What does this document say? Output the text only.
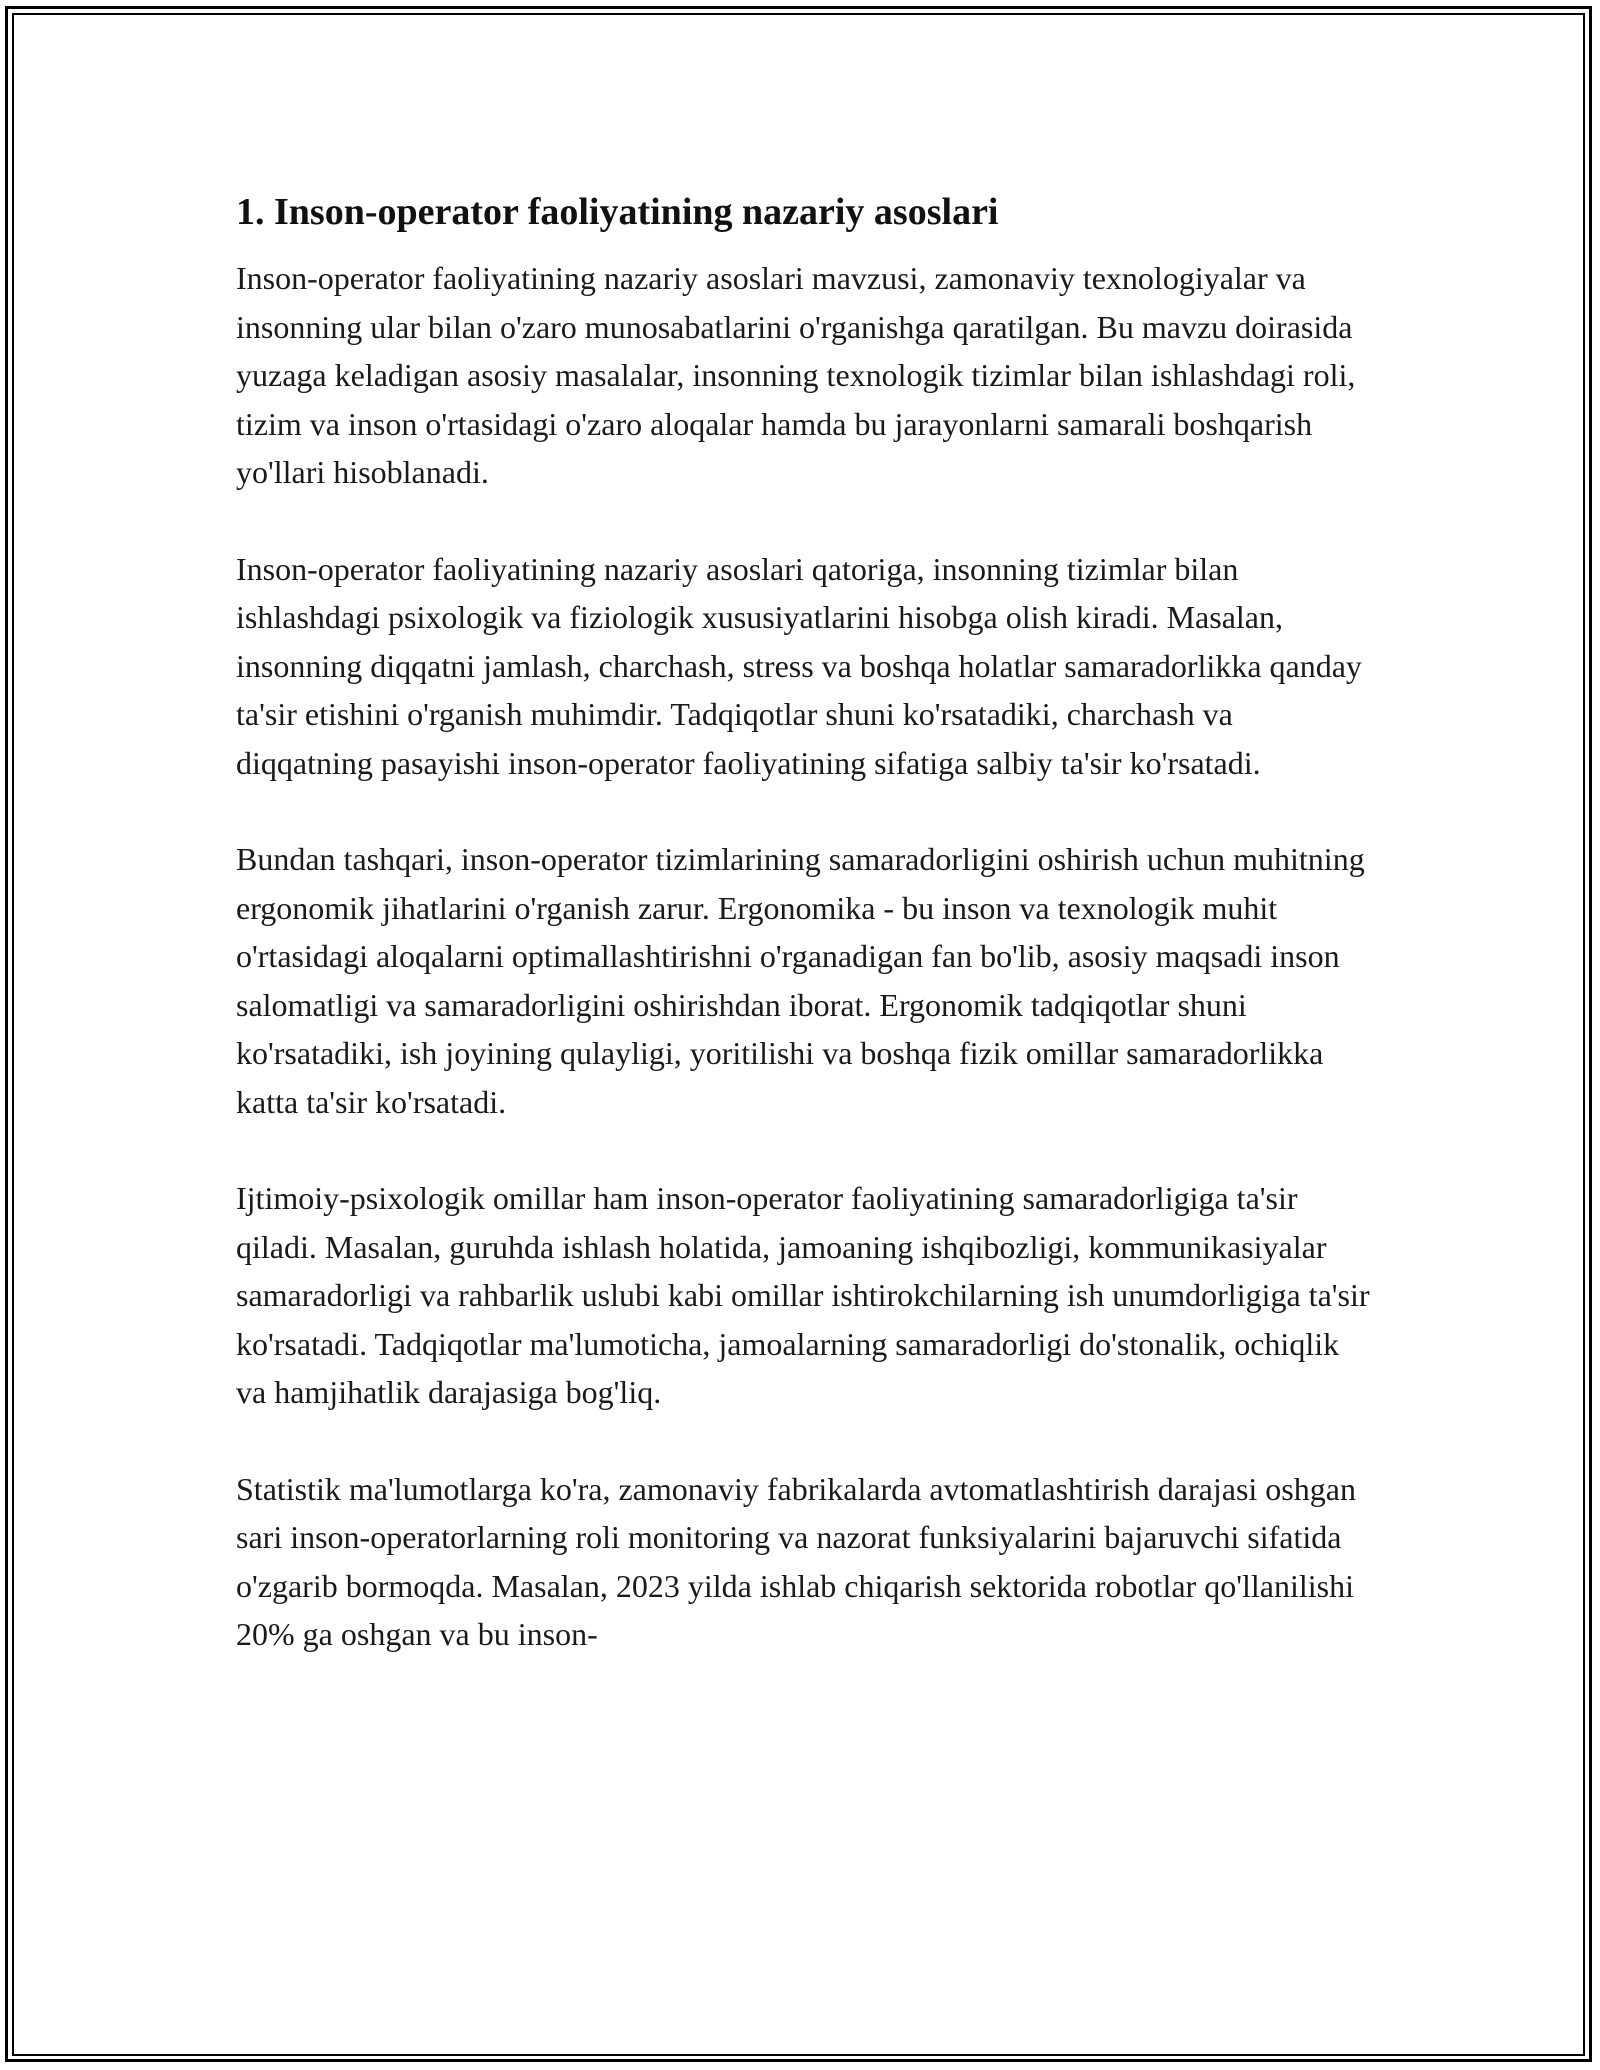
1. Inson-operator faoliyatining nazariy asoslari

Inson-operator faoliyatining nazariy asoslari mavzusi, zamonaviy texnologiyalar va insonning ular bilan o'zaro munosabatlarini o'rganishga qaratilgan. Bu mavzu doirasida yuzaga keladigan asosiy masalalar, insonning texnologik tizimlar bilan ishlashdagi roli, tizim va inson o'rtasidagi o'zaro aloqalar hamda bu jarayonlarni samarali boshqarish yo'llari hisoblanadi.

Inson-operator faoliyatining nazariy asoslari qatoriga, insonning tizimlar bilan ishlashdagi psixologik va fiziologik xususiyatlarini hisobga olish kiradi. Masalan, insonning diqqatni jamlash, charchash, stress va boshqa holatlar samaradorlikka qanday ta'sir etishini o'rganish muhimdir. Tadqiqotlar shuni ko'rsatadiki, charchash va diqqatning pasayishi inson-operator faoliyatining sifatiga salbiy ta'sir ko'rsatadi.

Bundan tashqari, inson-operator tizimlarining samaradorligini oshirish uchun muhitning ergonomik jihatlarini o'rganish zarur. Ergonomika - bu inson va texnologik muhit o'rtasidagi aloqalarni optimallashtirishni o'rganadigan fan bo'lib, asosiy maqsadi inson salomatligi va samaradorligini oshirishdan iborat. Ergonomik tadqiqotlar shuni ko'rsatadiki, ish joyining qulayligi, yoritilishi va boshqa fizik omillar samaradorlikka katta ta'sir ko'rsatadi.

Ijtimoiy-psixologik omillar ham inson-operator faoliyatining samaradorligiga ta'sir qiladi. Masalan, guruhda ishlash holatida, jamoaning ishqibozligi, kommunikasiyalar samaradorligi va rahbarlik uslubi kabi omillar ishtirokchilarning ish unumdorligiga ta'sir ko'rsatadi. Tadqiqotlar ma'lumoticha, jamoalarning samaradorligi do'stonalik, ochiqlik va hamjihatlik darajasiga bog'liq.

Statistik ma'lumotlarga ko'ra, zamonaviy fabrikalarda avtomatlashtirish darajasi oshgan sari inson-operatorlarning roli monitoring va nazorat funksiyalarini bajaruvchi sifatida o'zgarib bormoqda. Masalan, 2023 yilda ishlab chiqarish sektorida robotlar qo'llanilishi 20% ga oshgan va bu inson-
